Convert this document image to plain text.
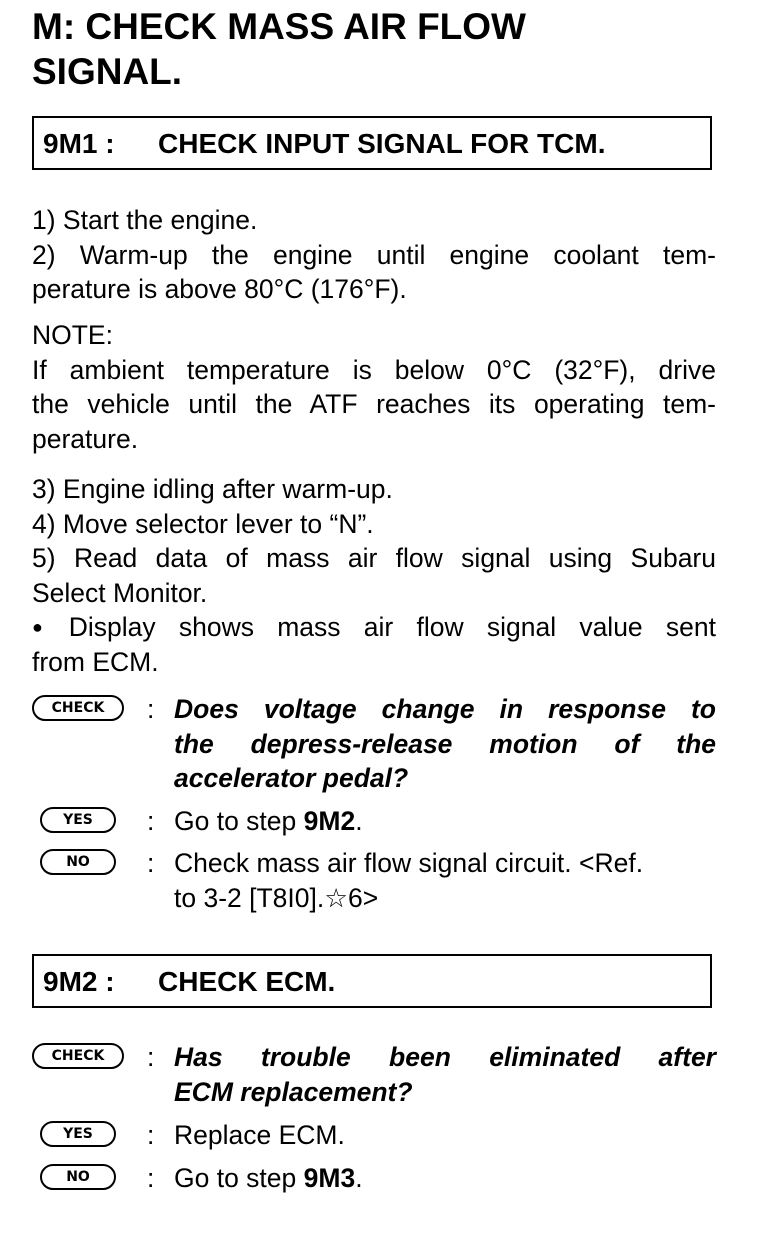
M: CHECK MASS AIR FLOW
SIGNAL.
9M1 : CHECK INPUT SIGNAL FOR TCM.
1) Start the engine.
2) Warm-up the engine until engine coolant tem-
perature is above 80°C (176°F).
NOTE:
If ambient temperature is below 0°C (32°F), drive
the vehicle until the ATF reaches its operating tem-
perature.
3) Engine idling after warm-up.
4) Move selector lever to “N”.
5) Read data of mass air flow signal using Subaru
Select Monitor.
● Display shows mass air flow signal value sent
from ECM.
CHECK	: Does voltage change in response to
the depress-release motion of the
accelerator pedal?
YES	: Go to step 9M2.
NO	: Check mass air flow signal circuit. <Ref.
to 3-2 [T8I0].☆6>
9M2 : CHECK ECM.
CHECK	: Has trouble been eliminated after
ECM replacement?
YES	: Replace ECM.
NO	: Go to step 9M3.
